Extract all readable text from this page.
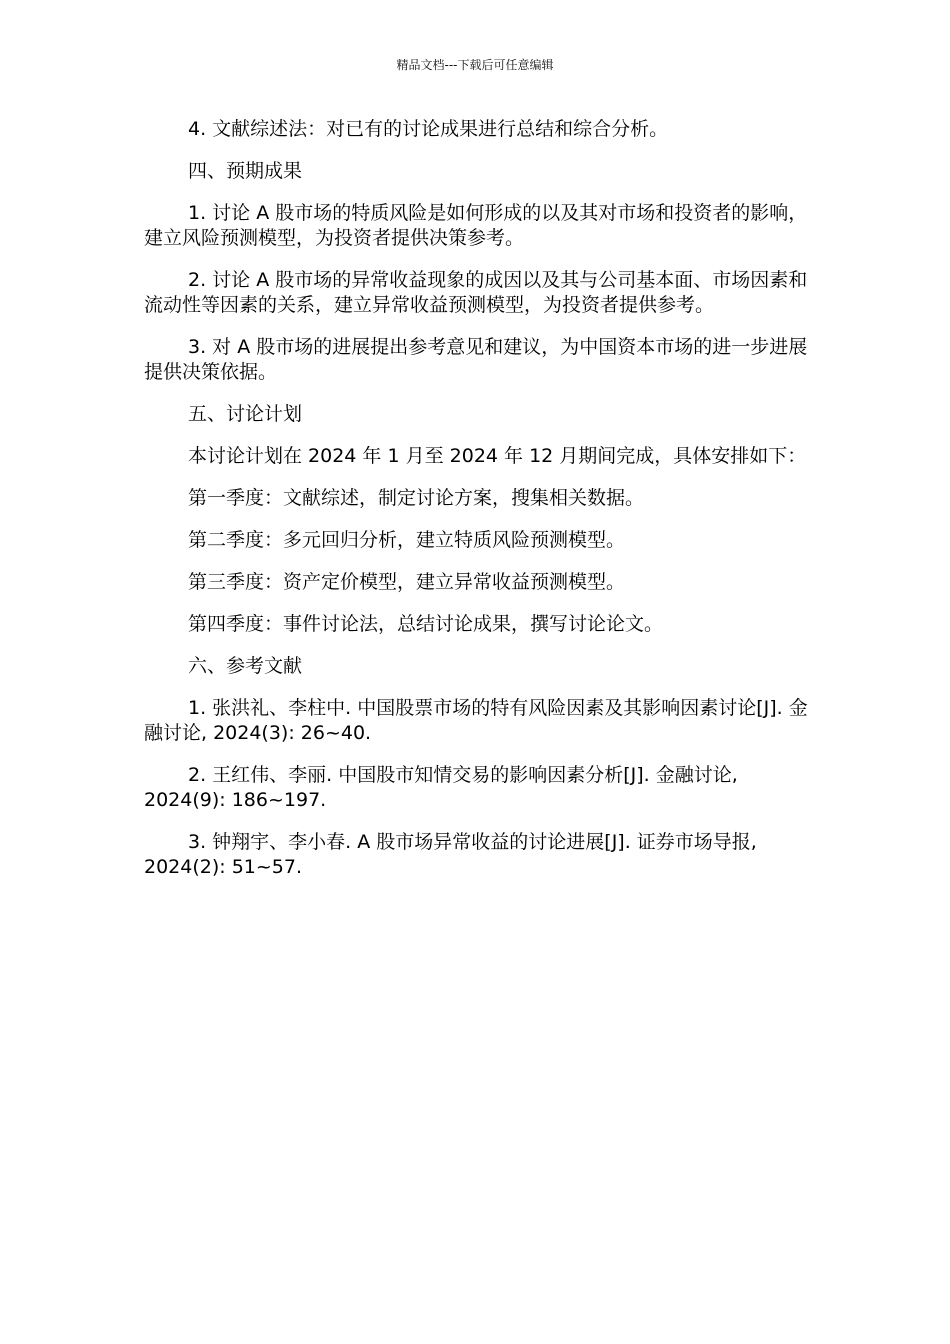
精品文档---下载后可任意编辑

4. 文献综述法：对已有的讨论成果进行总结和综合分析。

四、预期成果

1. 讨论 A 股市场的特质风险是如何形成的以及其对市场和投资者的影响，建立风险预测模型，为投资者提供决策参考。

2. 讨论 A 股市场的异常收益现象的成因以及其与公司基本面、市场因素和流动性等因素的关系，建立异常收益预测模型，为投资者提供参考。

3. 对 A 股市场的进展提出参考意见和建议，为中国资本市场的进一步进展提供决策依据。

五、讨论计划

本讨论计划在 2024 年 1 月至 2024 年 12 月期间完成，具体安排如下：

第一季度：文献综述，制定讨论方案，搜集相关数据。

第二季度：多元回归分析，建立特质风险预测模型。

第三季度：资产定价模型，建立异常收益预测模型。

第四季度：事件讨论法，总结讨论成果，撰写讨论论文。

六、参考文献

1. 张洪礼、李柱中. 中国股票市场的特有风险因素及其影响因素讨论[J]. 金融讨论, 2024(3): 26~40.

2. 王红伟、李丽. 中国股市知情交易的影响因素分析[J]. 金融讨论, 2024(9): 186~197.

3. 钟翔宇、李小春. A 股市场异常收益的讨论进展[J]. 证券市场导报, 2024(2): 51~57.
